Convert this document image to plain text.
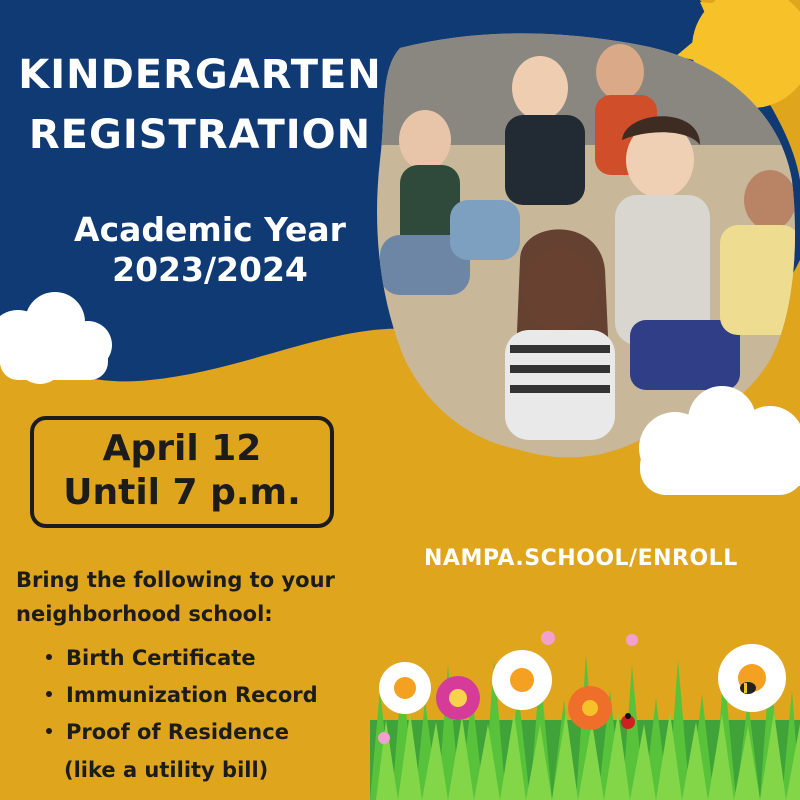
KINDERGARTEN
REGISTRATION
Academic Year
2023/2024
April 12
Until 7 p.m.
NAMPA.SCHOOL/ENROLL
Bring the following to your
neighborhood school:
Birth Certificate
Immunization Record
Proof of Residence
(like a utility bill)
